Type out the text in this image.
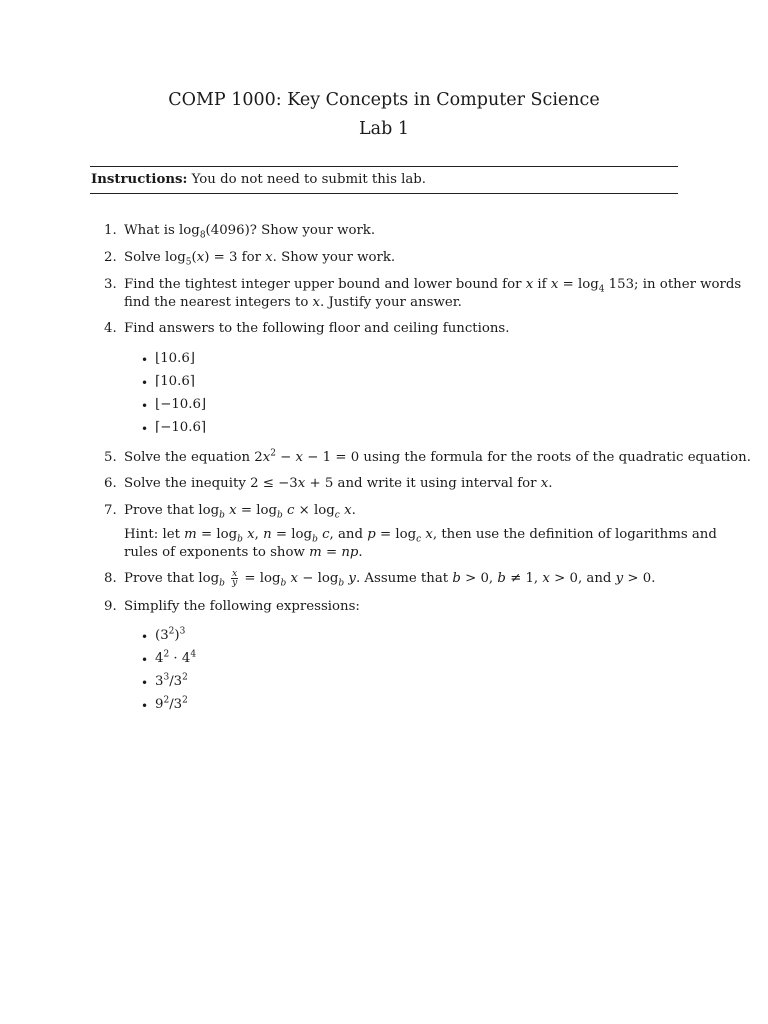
COMP 1000: Key Concepts in Computer Science
Lab 1
Instructions: You do not need to submit this lab.
1. What is $\log_8(4096)$? Show your work.
2. Solve $\log_5(x) = 3$ for x. Show your work.
3. Find the tightest integer upper bound and lower bound for x if $x = \log_4 153$; in other words
find the nearest integers to x. Justify your answer.
4. Find answers to the following floor and ceiling functions.
• ⌊10.6⌋
• ⌈10.6⌉
• ⌊−10.6⌋
• ⌈−10.6⌉
5. Solve the equation $2x^2 - x - 1 = 0$ using the formula for the roots of the quadratic equation.
6. Solve the inequity 2 ≤ −3x + 5 and write it using interval for x.
7. Prove that $\log_b x = \log_b c \times \log_c x$.
Hint: let $m = \log_b x$, $n = \log_b c$, and $p = \log_c x$, then use the definition of logarithms and
rules of exponents to show m = np.
8. Prove that $\log_b \frac{x}{y} = \log_b x - \log_b y$. Assume that b > 0, b ≠ 1, x > 0, and y > 0.
9. Simplify the following expressions:
• $(3^2)^3$
• $4^2 \cdot 4^4$
• $3^3/3^2$
• $9^2/3^2$
